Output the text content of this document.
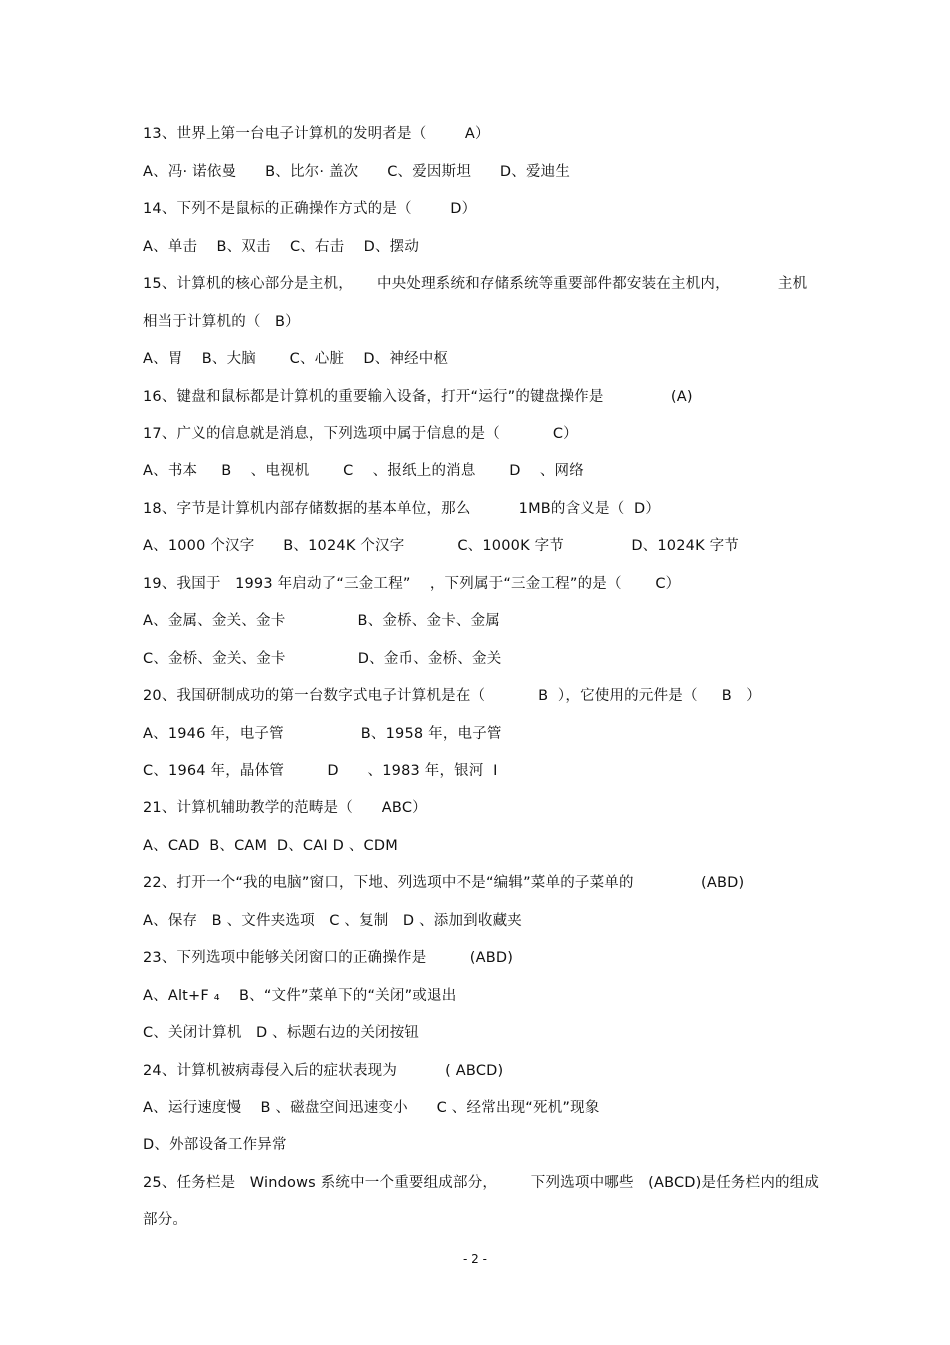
13、世界上第一台电子计算机的发明者是（        A）
A、冯· 诺依曼      B、比尔· 盖次      C、爱因斯坦      D、爱迪生
14、下列不是鼠标的正确操作方式的是（        D）
A、单击    B、双击    C、右击    D、摆动
15、计算机的核心部分是主机，     中央处理系统和存储系统等重要部件都安装在主机内，          主机
相当于计算机的（   B）
A、胃    B、大脑       C、心脏    D、神经中枢
16、键盘和鼠标都是计算机的重要输入设备，打开“运行”的键盘操作是              (A)
17、广义的信息就是消息，下列选项中属于信息的是（           C）
A、书本     B    、电视机       C    、报纸上的消息       D    、网络
18、字节是计算机内部存储数据的基本单位，那么          1MB的含义是（  D）
A、1000 个汉字      B、1024K 个汉字           C、1000K 字节              D、1024K 字节
19、我国于   1993 年启动了“三金工程”    ，下列属于“三金工程”的是（       C）
A、金属、金关、金卡               B、金桥、金卡、金属
C、金桥、金关、金卡               D、金币、金桥、金关
20、我国研制成功的第一台数字式电子计算机是在（           B  ），它使用的元件是（     B   ）
A、1946 年，电子管                B、1958 年，电子管
C、1964 年，晶体管         D      、1983 年，银河  Ⅰ
21、计算机辅助教学的范畴是（      ABC）
A、CAD  B、CAM  D、CAI D 、CDM
22、打开一个“我的电脑”窗口，下地、列选项中不是“编辑”菜单的子菜单的              (ABD)
A、保存   B 、文件夹选项   C 、复制   D 、添加到收藏夹
23、下列选项中能够关闭窗口的正确操作是         (ABD)
A、Alt+F ₄    B、“文件”菜单下的“关闭”或退出
C、关闭计算机   D 、标题右边的关闭按钮
24、计算机被病毒侵入后的症状表现为          ( ABCD)
A、运行速度慢    B 、磁盘空间迅速变小      C 、经常出现“死机”现象
D、外部设备工作异常
25、任务栏是   Windows 系统中一个重要组成部分，       下列选项中哪些   (ABCD)是任务栏内的组成
部分。
- 2 -
